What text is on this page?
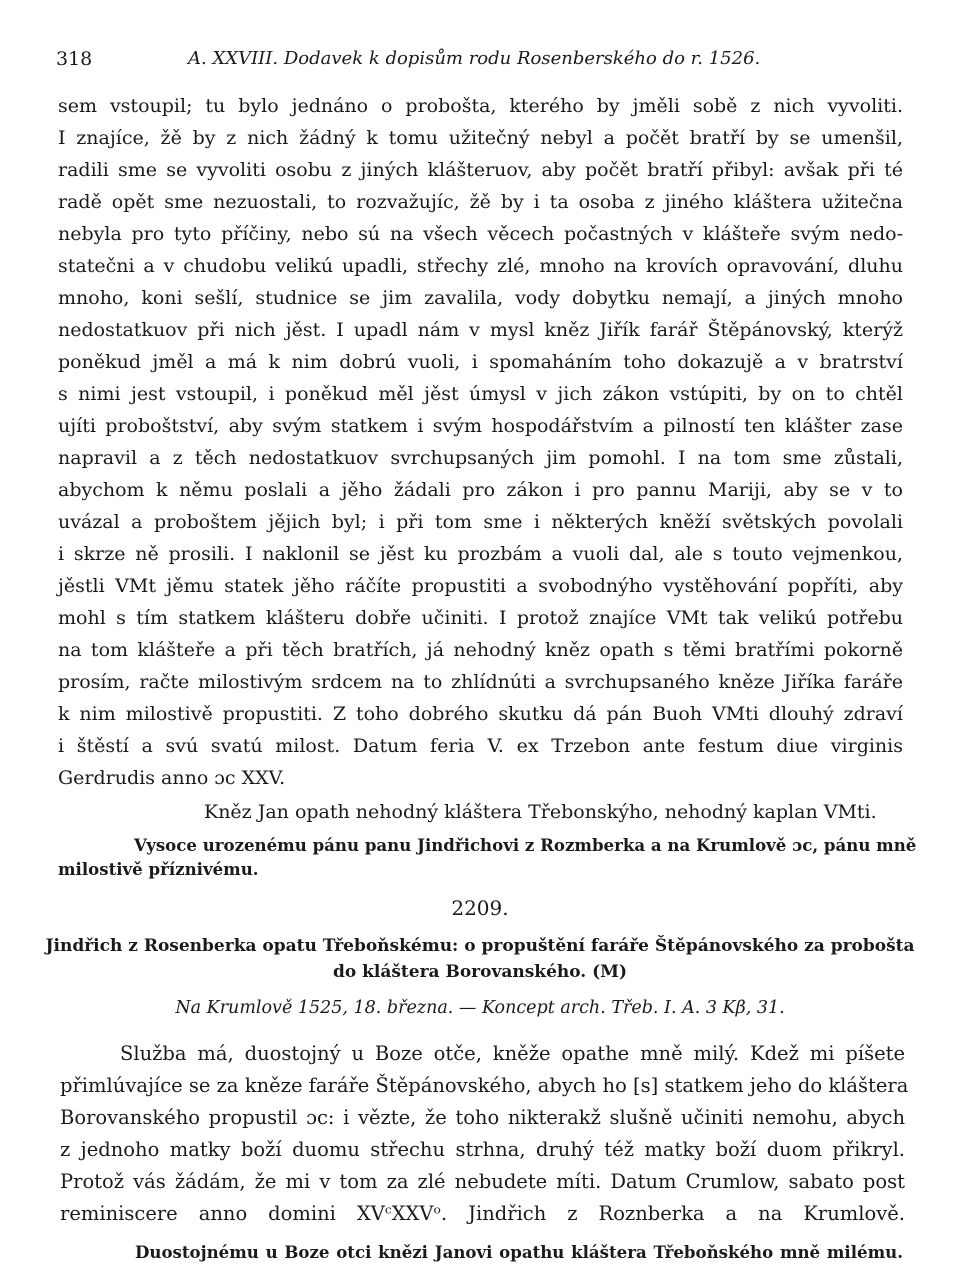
318	A. XXVIII. Dodavek k dopisům rodu Rosenberského do r. 1526.
sem vstoupil; tu bylo jednáno o probošta, kterého by jměli sobě z nich vyvoliti.
I znajíce, žě by z nich žádný k tomu užitečný nebyl a počět bratří by se umenšil,
radili sme se vyvoliti osobu z jiných klášteruov, aby počět bratří přibyl: avšak při té
radě opět sme nezuostali, to rozvažujíc, žě by i ta osoba z jiného kláštera užitečna
nebyla pro tyto příčiny, nebo sú na všech věcech počastných v klášteře svým nedo-
statečni a v chudobu velikú upadli, střechy zlé, mnoho na krovích opravování, dluhu
mnoho, koni sešlí, studnice se jim zavalila, vody dobytku nemají, a jiných mnoho
nedostatkuov při nich jěst. I upadl nám v mysl kněz Jiřík farář Štěpánovský, kterýž
poněkud jměl a má k nim dobrú vuoli, i spomaháním toho dokazujě a v bratrství
s nimi jest vstoupil, i poněkud měl jěst úmysl v jich zákon vstúpiti, by on to chtěl
ujíti proboštství, aby svým statkem i svým hospodářstvím a pilností ten klášter zase
napravil a z těch nedostatkuov svrchupsaných jim pomohl. I na tom sme zůstali,
abychom k němu poslali a jěho žádali pro zákon i pro pannu Mariji, aby se v to
uvázal a proboštem jějich byl; i při tom sme i některých kněží světských povolali
i skrze ně prosili. I naklonil se jěst ku prozbám a vuoli dal, ale s touto vejmenkou,
jěstli VMt jěmu statek jěho ráčíte propustiti a svobodnýho vystěhování popříti, aby
mohl s tím statkem klášteru dobře učiniti. I protož znajíce VMt tak velikú potřebu
na tom klášteře a při těch bratřích, já nehodný kněz opath s těmi bratřími pokorně
prosím, račte milostivým srdcem na to zhlídnúti a svrchupsaného kněze Jiříka faráře
k nim milostivě propustiti. Z toho dobrého skutku dá pán Buoh VMti dlouhý zdraví
i štěstí a svú svatú milost. Datum feria V. ex Trzebon ante festum diue virginis
Gerdrudis anno ɔc XXV.
Kněz Jan opath nehodný kláštera Třebonskýho, nehodný kaplan VMti.
Vysoce urozenému pánu panu Jindřichovi z Rozmberka a na Krumlově ɔc, pánu mně
milostivě příznivému.
2209.
Jindřich z Rosenberka opatu Třeboňskému: o propuštění faráře Štěpánovského za probošta
do kláštera Borovanského. (M)
Na Krumlově 1525, 18. března. — Koncept arch. Třeb. I. A. 3 Kβ, 31.
Služba má, duostojný u Boze otče, kněže opathe mně milý. Kdež mi píšete
přimlúvajíce se za kněze faráře Štěpánovského, abych ho [s] statkem jeho do kláštera
Borovanského propustil ɔc: i vězte, že toho nikterakž slušně učiniti nemohu, abych
z jednoho matky boží duomu střechu strhna, druhý též matky boží duom přikryl.
Protož vás žádám, že mi v tom za zlé nebudete míti. Datum Crumlow, sabato post
reminiscere anno domini XVᶜXXVᵒ. Jindřich z Roznberka a na Krumlově.
Duostojnému u Boze otci knězi Janovi opathu kláštera Třeboňského mně milému.
